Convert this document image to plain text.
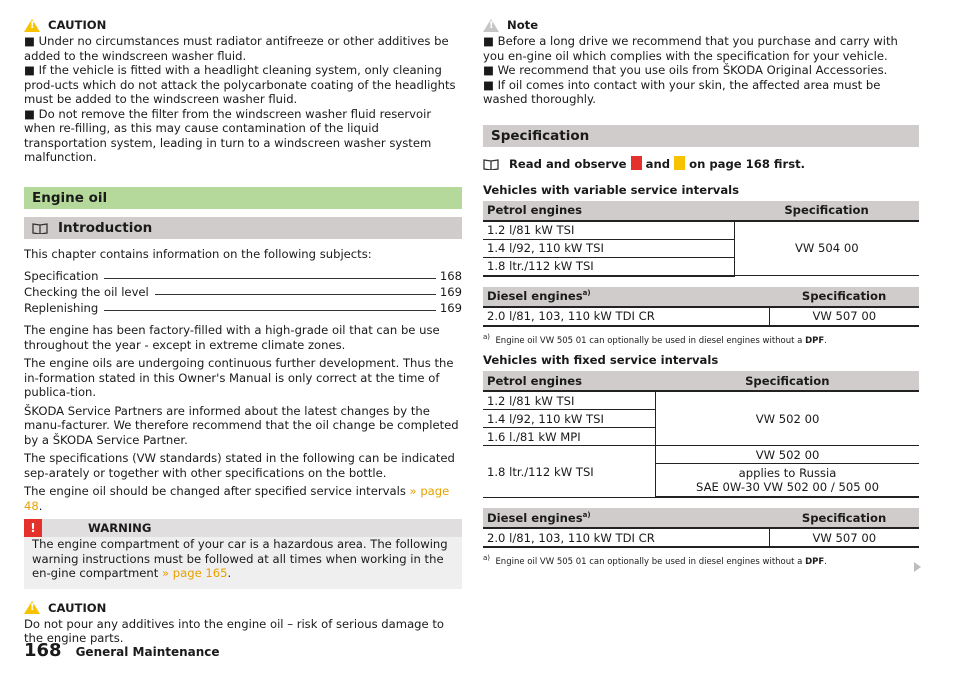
!
CAUTION

■ Under no circumstances must radiator antifreeze or other additives be added to the windscreen washer fluid.

■ If the vehicle is fitted with a headlight cleaning system, only cleaning prod-ucts which do not attack the polycarbonate coating of the headlights must be added to the windscreen washer fluid.

■ Do not remove the filter from the windscreen washer fluid reservoir when re-filling, as this may cause contamination of the liquid transportation system, leading in turn to a windscreen washer system malfunction.

Engine oil
Introduction

This chapter contains information on the following subjects:

Specification	168
Checking the oil level	169
Replenishing	169

The engine has been factory-filled with a high-grade oil that can be use throughout the year - except in extreme climate zones.

The engine oils are undergoing continuous further development. Thus the in-formation stated in this Owner's Manual is only correct at the time of publica-tion.

ŠKODA Service Partners are informed about the latest changes by the manu-facturer. We therefore recommend that the oil change be completed by a ŠKODA Service Partner.

The specifications (VW standards) stated in the following can be indicated sep-arately or together with other specifications on the bottle.

The engine oil should be changed after specified service intervals » page 48.

!	WARNING

The engine compartment of your car is a hazardous area. The following warning instructions must be followed at all times when working in the en-gine compartment » page 165.

!
CAUTION

Do not pour any additives into the engine oil – risk of serious damage to the engine parts.

!
Note

■ Before a long drive we recommend that you purchase and carry with you en-gine oil which complies with the specification for your vehicle.

■ We recommend that you use oils from ŠKODA Original Accessories.

■ If oil comes into contact with your skin, the affected area must be washed thoroughly.

Specification
Read and observe and on page 168 first.
Vehicles with variable service intervals
Petrol engines	Specification
1.2 l/81 kW TSI	VW 504 00
1.4 l/92, 110 kW TSI	
1.8 ltr./112 kW TSI	
Diesel engines$^{a)}$	Specification
2.0 l/81, 103, 110 kW TDI CR	VW 507 00
$^{a)}$ Engine oil VW 505 01 can optionally be used in diesel engines without a DPF.
Vehicles with fixed service intervals
Petrol engines	Specification
1.2 l/81 kW TSI	VW 502 00
1.4 l/92, 110 kW TSI	
1.6 l./81 kW MPI	
1.8 ltr./112 kW TSI	VW 502 00
	applies to Russia
SAE 0W-30 VW 502 00 / 505 00
Diesel engines$^{a)}$	Specification
2.0 l/81, 103, 110 kW TDI CR	VW 507 00
$^{a)}$ Engine oil VW 505 01 can optionally be used in diesel engines without a DPF.
168 General Maintenance
